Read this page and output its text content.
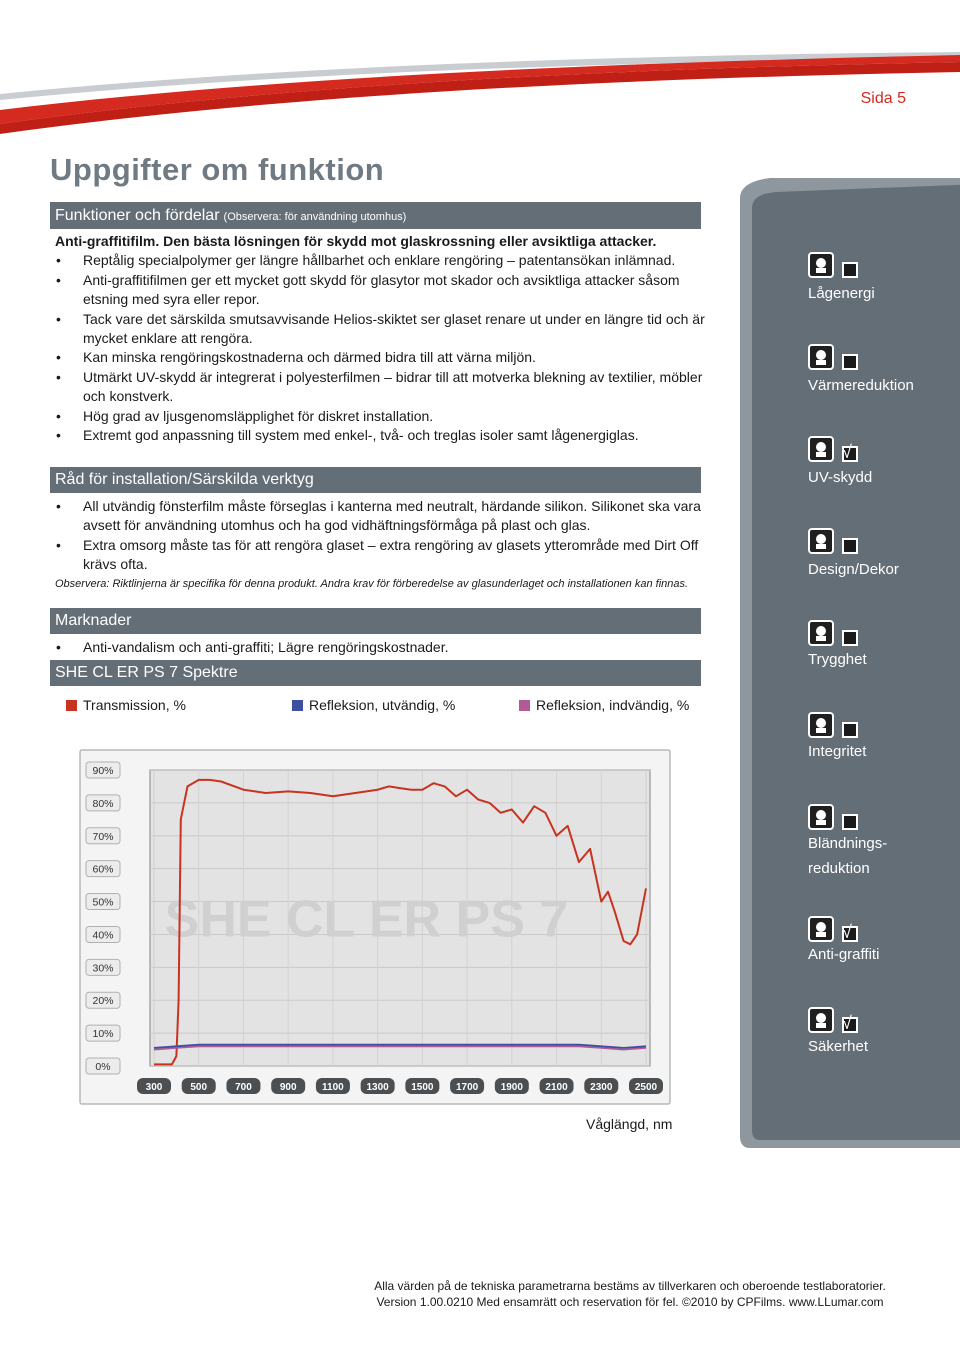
Sida 5
Uppgifter om funktion
Funktioner och fördelar (Observera: för användning utomhus)
Anti-graffitifilm. Den bästa lösningen för skydd mot glaskrossning eller avsiktliga attacker.
• Reptålig specialpolymer ger längre hållbarhet och enklare rengöring – patentansökan inlämnad.
• Anti-graffitifilmen ger ett mycket gott skydd för glasytor mot skador och avsiktliga attacker såsom etsning med syra eller repor.
• Tack vare det särskilda smutsavvisande Helios-skiktet ser glaset renare ut under en längre tid och är mycket enklare att rengöra.
• Kan minska rengöringskostnaderna och därmed bidra till att värna miljön.
• Utmärkt UV-skydd är integrerat i polyesterfilmen – bidrar till att motverka blekning av textilier, möbler och konstverk.
• Hög grad av ljusgenomsläpplighet för diskret installation.
• Extremt god anpassning till system med enkel-, två- och treglas isoler samt lågenergiglas.
Råd för installation/Särskilda verktyg
• All utvändig fönsterfilm måste förseglas i kanterna med neutralt, härdande silikon. Silikonet ska vara avsett för användning utomhus och ha god vidhäftningsförmåga på plast och glas.
• Extra omsorg måste tas för att rengöra glaset – extra rengöring av glasets ytterområde med Dirt Off krävs ofta.
Observera: Riktlinjerna är specifika för denna produkt. Andra krav för förberedelse av glasunderlaget och installationen kan finnas.
Marknader
• Anti-vandalism och anti-graffiti; Lägre rengöringskostnader.
SHE CL ER PS 7 Spektre
Transmission, %	Refleksion, utvändig, %	Refleksion, indvändig, %
SHE CL ER PS 7
90%
80%
70%
60%
50%
40%
30%
20%
10%
0%
300	500	700	900	1100 1300 1500 1700 1900 2100 2300 2500
Våglängd, nm
Lågenergi
Värmereduktion
√
UV-skydd
Design/Dekor
Trygghet
Integritet
Bländnings-
reduktion
√
Anti-graffiti
√
Säkerhet
Alla värden på de tekniska parametrarna bestäms av tillverkaren och oberoende testlaboratorier.
Version 1.00.0210 Med ensamrätt och reservation för fel. ©2010 by CPFilms. www.LLumar.com
